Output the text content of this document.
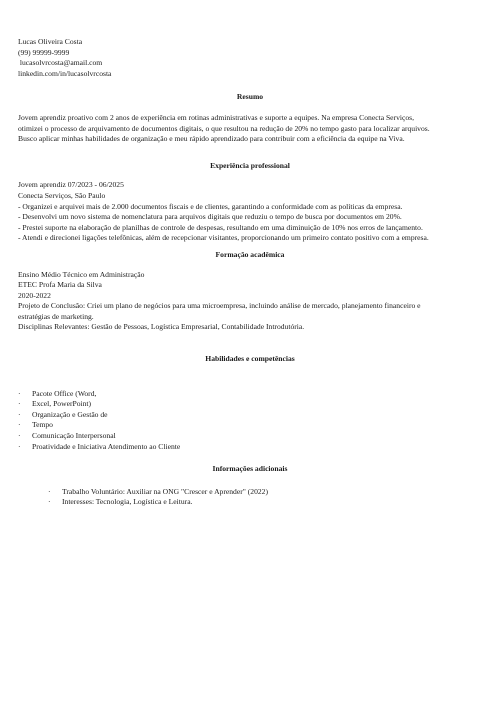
Lucas Oliveira Costa
(99) 99999-9999
lucasolvrcosta@amail.com
linkedin.com/in/lucasolvrcosta
Resumo
Jovem aprendiz proativo com 2 anos de experiência em rotinas administrativas e suporte a equipes. Na empresa Conecta Serviços,
otimizei o processo de arquivamento de documentos digitais, o que resultou na redução de 20% no tempo gasto para localizar arquivos.
Busco aplicar minhas habilidades de organização e meu rápido aprendizado para contribuir com a eficiência da equipe na Viva.
Experiência professional
Jovem aprendiz 07/2023 - 06/2025
Conecta Serviços, São Paulo
- Organizei e arquivei mais de 2.000 documentos fiscais e de clientes, garantindo a conformidade com as políticas da empresa.
- Desenvolvi um novo sistema de nomenclatura para arquivos digitais que reduziu o tempo de busca por documentos em 20%.
- Prestei suporte na elaboração de planilhas de controle de despesas, resultando em uma diminuição de 10% nos erros de lançamento.
- Atendi e direcionei ligações telefônicas, além de recepcionar visitantes, proporcionando um primeiro contato positivo com a empresa.
Formação acadêmica
Ensino Médio Técnico em Administração
ETEC Profa Maria da Silva
2020-2022
Projeto de Conclusão: Criei um plano de negócios para uma microempresa, incluindo análise de mercado, planejamento financeiro e
estratégias de marketing.
Disciplinas Relevantes: Gestão de Pessoas, Logística Empresarial, Contabilidade Introdutória.
Habilidades e competências
·	Pacote Office (Word,
·	Excel, PowerPoint)
·	Organização e Gestão de
·	Tempo
·	Comunicação Interpersonal
·	Proatividade e Iniciativa Atendimento ao Cliente
Informações adicionais
·	Trabalho Voluntário: Auxiliar na ONG "Crescer e Aprender" (2022)
·	Interesses: Tecnologia, Logística e Leitura.
